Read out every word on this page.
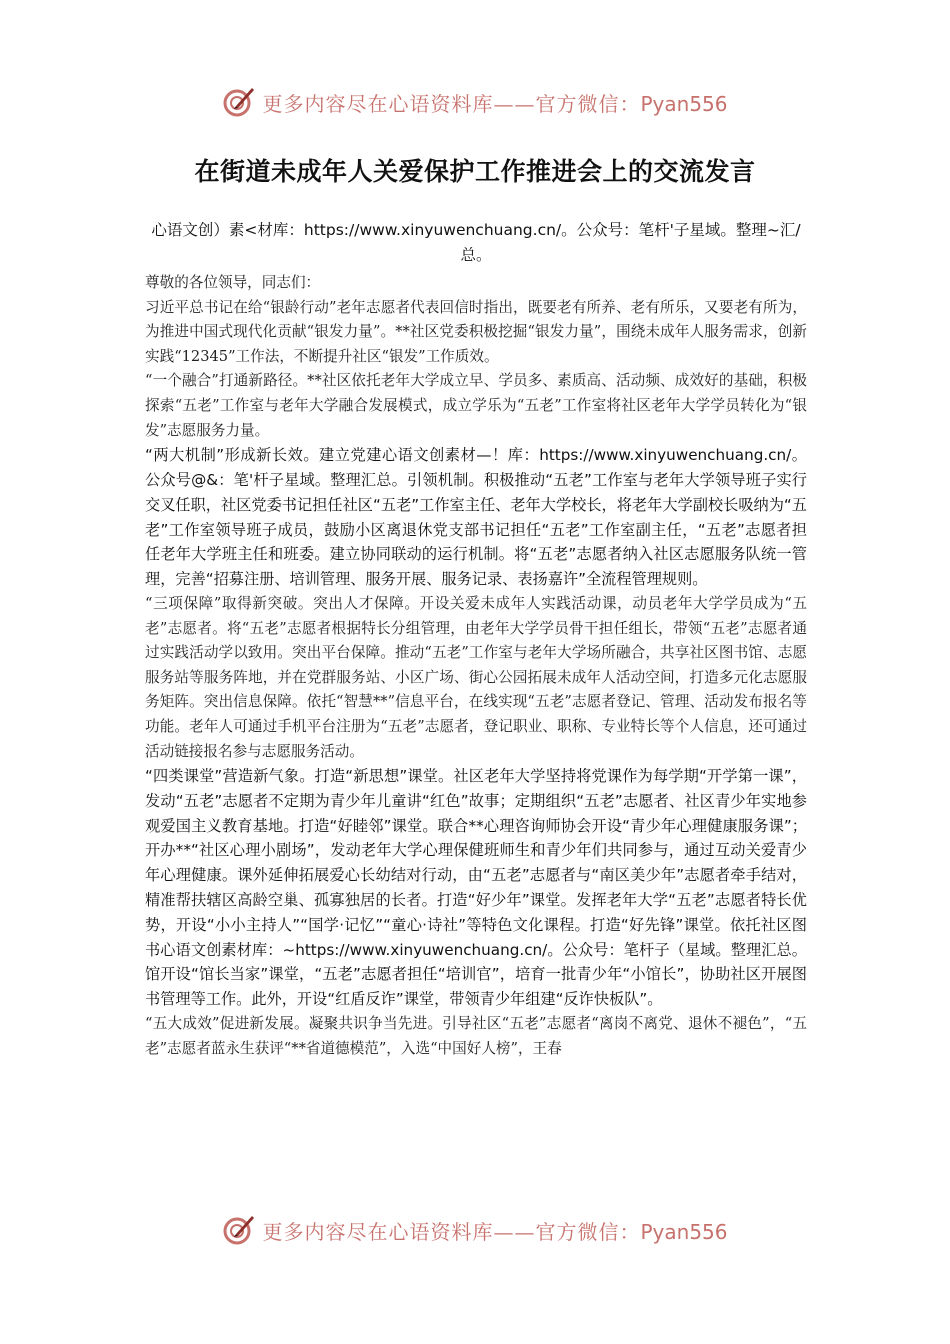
更多内容尽在心语资料库——官方微信：Pyan556
在街道未成年人关爱保护工作推进会上的交流发言
心语文创）素<材库：https://www.xinyuwenchuang.cn/。公众号：笔杆'子星域。整理~汇/总。

尊敬的各位领导，同志们：

习近平总书记在给“银龄行动”老年志愿者代表回信时指出，既要老有所养、老有所乐，又要老有所为，为推进中国式现代化贡献“银发力量”。**社区党委积极挖掘“银发力量”，围绕未成年人服务需求，创新实践“12345”工作法，不断提升社区“银发”工作质效。

“一个融合”打通新路径。**社区依托老年大学成立早、学员多、素质高、活动频、成效好的基础，积极探索“五老”工作室与老年大学融合发展模式，成立学乐为“五老”工作室将社区老年大学学员转化为“银发”志愿服务力量。

“两大机制”形成新长效。建立党建心语文创素材—！库：https://www.xinyuwenchuang.cn/。公众号@&：笔'杆子星域。整理汇总。引领机制。积极推动“五老”工作室与老年大学领导班子实行交叉任职，社区党委书记担任社区“五老”工作室主任、老年大学校长，将老年大学副校长吸纳为“五老”工作室领导班子成员，鼓励小区离退休党支部书记担任“五老”工作室副主任，“五老”志愿者担任老年大学班主任和班委。建立协同联动的运行机制。将“五老”志愿者纳入社区志愿服务队统一管理，完善“招募注册、培训管理、服务开展、服务记录、表扬嘉许”全流程管理规则。

“三项保障”取得新突破。突出人才保障。开设关爱未成年人实践活动课，动员老年大学学员成为“五老”志愿者。将“五老”志愿者根据特长分组管理，由老年大学学员骨干担任组长，带领“五老”志愿者通过实践活动学以致用。突出平台保障。推动“五老”工作室与老年大学场所融合，共享社区图书馆、志愿服务站等服务阵地，并在党群服务站、小区广场、街心公园拓展未成年人活动空间，打造多元化志愿服务矩阵。突出信息保障。依托“智慧**”信息平台，在线实现“五老”志愿者登记、管理、活动发布报名等功能。老年人可通过手机平台注册为“五老”志愿者，登记职业、职称、专业特长等个人信息，还可通过活动链接报名参与志愿服务活动。

“四类课堂”营造新气象。打造“新思想”课堂。社区老年大学坚持将党课作为每学期“开学第一课”，发动“五老”志愿者不定期为青少年儿童讲“红色”故事；定期组织“五老”志愿者、社区青少年实地参观爱国主义教育基地。打造“好睦邻”课堂。联合**心理咨询师协会开设“青少年心理健康服务课”；开办**“社区心理小剧场”，发动老年大学心理保健班师生和青少年们共同参与，通过互动关爱青少年心理健康。课外延伸拓展爱心长幼结对行动，由“五老”志愿者与“南区美少年”志愿者牵手结对，精准帮扶辖区高龄空巢、孤寡独居的长者。打造“好少年”课堂。发挥老年大学“五老”志愿者特长优势，开设“小小主持人”“国学·记忆”“童心·诗社”等特色文化课程。打造“好先锋”课堂。依托社区图书心语文创素材库：~https://www.xinyuwenchuang.cn/。公众号：笔杆子（星域。整理汇总。馆开设“馆长当家”课堂，“五老”志愿者担任“培训官”，培育一批青少年“小馆长”，协助社区开展图书管理等工作。此外，开设“红盾反诈”课堂，带领青少年组建“反诈快板队”。

“五大成效”促进新发展。凝聚共识争当先进。引导社区“五老”志愿者“离岗不离党、退休不褪色”，“五老”志愿者蓝永生获评“**省道德模范”，入选“中国好人榜”，王春

更多内容尽在心语资料库——官方微信：Pyan556
